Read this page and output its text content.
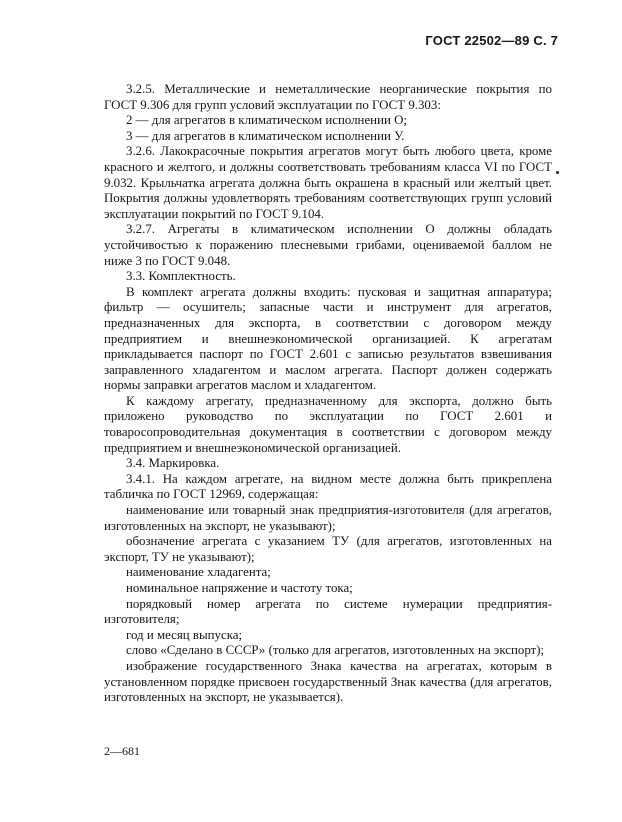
ГОСТ 22502—89 С. 7

3.2.5. Металлические и неметаллические неорганические покрытия по ГОСТ 9.306 для групп условий эксплуатации по ГОСТ 9.303:

2 — для агрегатов в климатическом исполнении О;

3 — для агрегатов в климатическом исполнении У.

3.2.6. Лакокрасочные покрытия агрегатов могут быть любого цвета, кроме красного и желтого, и должны соответствовать требованиям класса VI по ГОСТ 9.032. Крыльчатка агрегата должна быть окрашена в красный или желтый цвет. Покрытия должны удовлетворять требованиям соответствующих групп условий эксплуатации покрытий по ГОСТ 9.104.

3.2.7. Агрегаты в климатическом исполнении О должны обладать устойчивостью к поражению плесневыми грибами, оцениваемой баллом не ниже 3 по ГОСТ 9.048.

3.3. Комплектность.

В комплект агрегата должны входить: пусковая и защитная аппаратура; фильтр — осушитель; запасные части и инструмент для агрегатов, предназначенных для экспорта, в соответствии с договором между предприятием и внешнеэкономической организацией. К агрегатам прикладывается паспорт по ГОСТ 2.601 с записью результатов взвешивания заправленного хладагентом и маслом агрегата. Паспорт должен содержать нормы заправки агрегатов маслом и хладагентом.

К каждому агрегату, предназначенному для экспорта, должно быть приложено руководство по эксплуатации по ГОСТ 2.601 и товаросопроводительная документация в соответствии с договором между предприятием и внешнеэкономической организацией.

3.4. Маркировка.

3.4.1. На каждом агрегате, на видном месте должна быть прикреплена табличка по ГОСТ 12969, содержащая:

наименование или товарный знак предприятия-изготовителя (для агрегатов, изготовленных на экспорт, не указывают);

обозначение агрегата с указанием ТУ (для агрегатов, изготовленных на экспорт, ТУ не указывают);

наименование хладагента;

номинальное напряжение и частоту тока;

порядковый номер агрегата по системе нумерации предприятия-изготовителя;

год и месяц выпуска;

слово «Сделано в СССР» (только для агрегатов, изготовленных на экспорт);

изображение государственного Знака качества на агрегатах, которым в установленном порядке присвоен государственный Знак качества (для агрегатов, изготовленных на экспорт, не указывается).

2—681
